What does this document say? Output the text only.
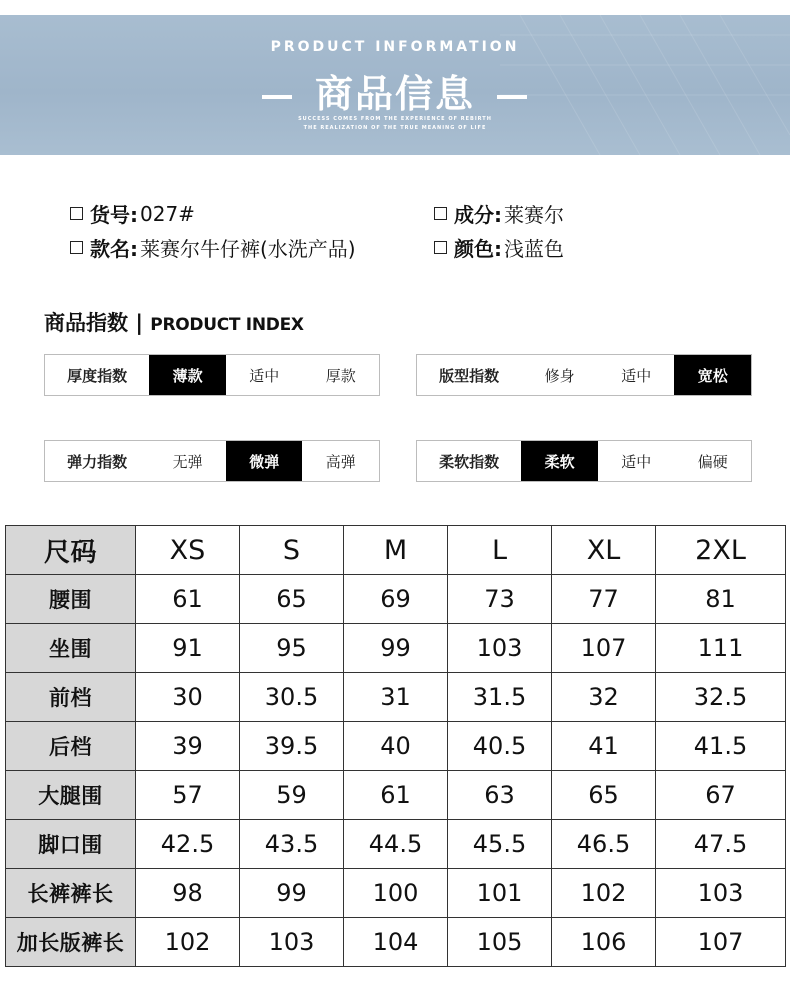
PRODUCT INFORMATION
商品信息
SUCCESS COMES FROM THE EXPERIENCE OF REBIRTH
THE REALIZATION OF THE TRUE MEANING OF LIFE
货号: 027#
款名: 莱赛尔牛仔裤(水洗产品)
成分: 莱赛尔
颜色: 浅蓝色
商品指数 | PRODUCT INDEX
厚度指数	薄款	适中	厚款	版型指数	修身	适中	宽松
弹力指数	无弹	微弹	高弹	柔软指数	柔软	适中	偏硬
尺码	XS	S	M	L	XL	2XL
腰围	61	65	69	73	77	81
坐围	91	95	99	103	107	111
前档	30	30.5	31	31.5	32	32.5
后档	39	39.5	40	40.5	41	41.5
大腿围	57	59	61	63	65	67
脚口围	42.5	43.5	44.5	45.5	46.5	47.5
长裤裤长	98	99	100	101	102	103
加长版裤长	102	103	104	105	106	107
